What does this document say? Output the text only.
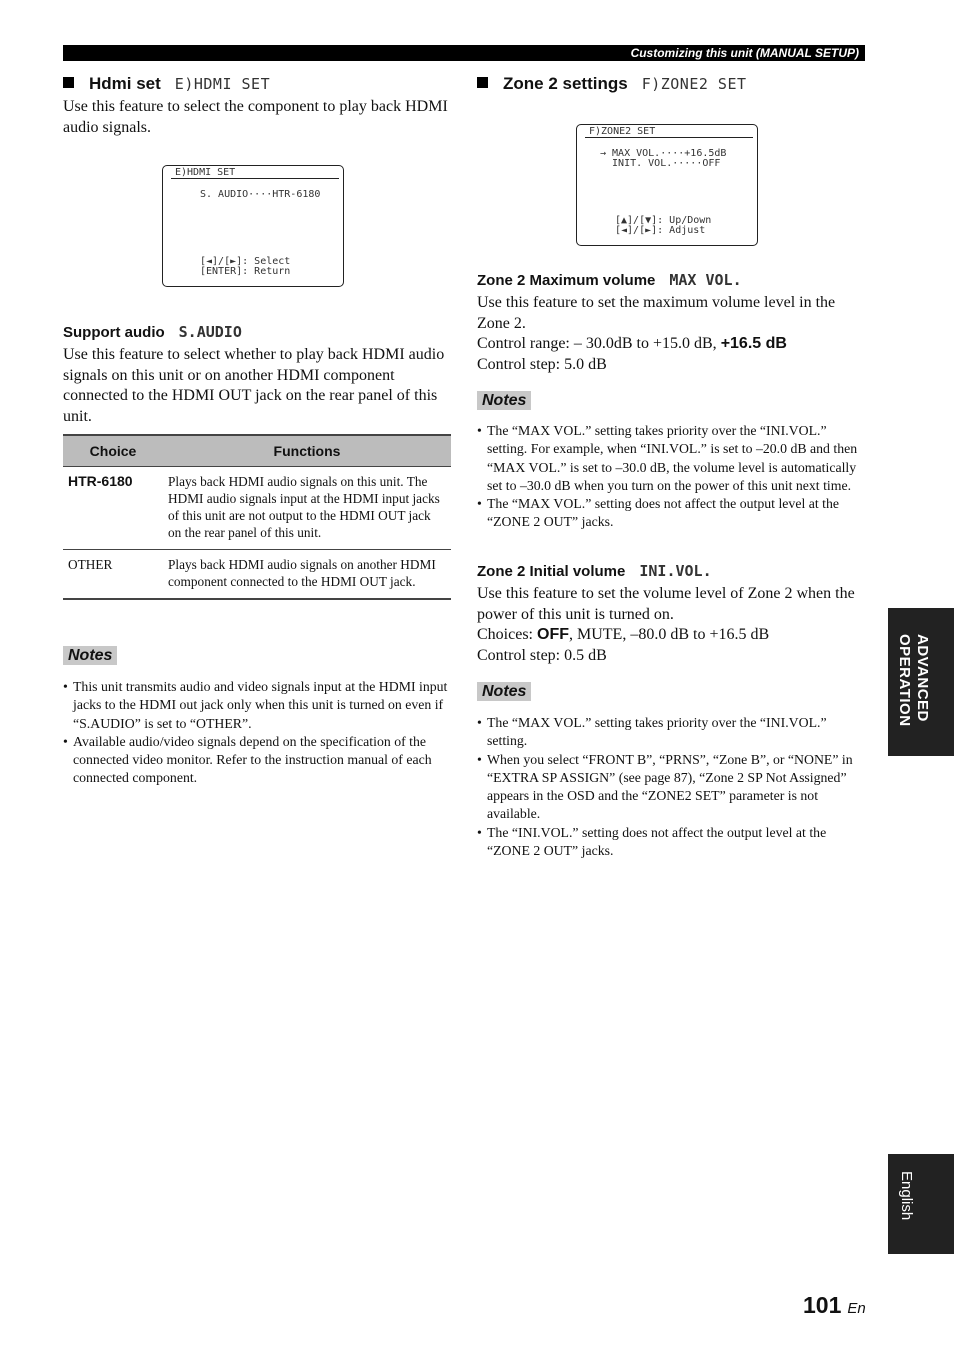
Customizing this unit (MANUAL SETUP)
Hdmi set E)HDMI SET
Use this feature to select the component to play back HDMI audio signals.
E)HDMI SET
S. AUDIO····HTR-6180
[◄]/[►]: Select
[ENTER]: Return
Support audio S.AUDIO
Use this feature to select whether to play back HDMI audio signals on this unit or on another HDMI component connected to the HDMI OUT jack on the rear panel of this unit.
Choice	Functions
HTR-6180	Plays back HDMI audio signals on this unit. The HDMI audio signals input at the HDMI input jacks of this unit are not output to the HDMI OUT jack on the rear panel of this unit.
OTHER	Plays back HDMI audio signals on another HDMI component connected to the HDMI OUT jack.
Notes
• This unit transmits audio and video signals input at the HDMI input jacks to the HDMI out jack only when this unit is turned on even if “S.AUDIO” is set to “OTHER”.
• Available audio/video signals depend on the specification of the connected video monitor. Refer to the instruction manual of each connected component.
Zone 2 settings F)ZONE2 SET
F)ZONE2 SET
→ MAX VOL.····+16.5dB
INIT. VOL.·····OFF
[▲]/[▼]: Up/Down
[◄]/[►]: Adjust
Zone 2 Maximum volume MAX VOL.
Use this feature to set the maximum volume level in the Zone 2.
Control range: – 30.0dB to +15.0 dB, +16.5 dB
Control step: 5.0 dB
Notes
• The “MAX VOL.” setting takes priority over the “INI.VOL.” setting. For example, when “INI.VOL.” is set to –20.0 dB and then “MAX VOL.” is set to –30.0 dB, the volume level is automatically set to –30.0 dB when you turn on the power of this unit next time.
• The “MAX VOL.” setting does not affect the output level at the “ZONE 2 OUT” jacks.
Zone 2 Initial volume INI.VOL.
Use this feature to set the volume level of Zone 2 when the power of this unit is turned on.
Choices: OFF, MUTE, –80.0 dB to +16.5 dB
Control step: 0.5 dB
Notes
• The “MAX VOL.” setting takes priority over the “INI.VOL.” setting.
• When you select “FRONT B”, “PRNS”, “Zone B”, or “NONE” in “EXTRA SP ASSIGN” (see page 87), “Zone 2 SP Not Assigned” appears in the OSD and the “ZONE2 SET” parameter is not available.
• The “INI.VOL.” setting does not affect the output level at the “ZONE 2 OUT” jacks.
ADVANCED
OPERATION
English
101 En
